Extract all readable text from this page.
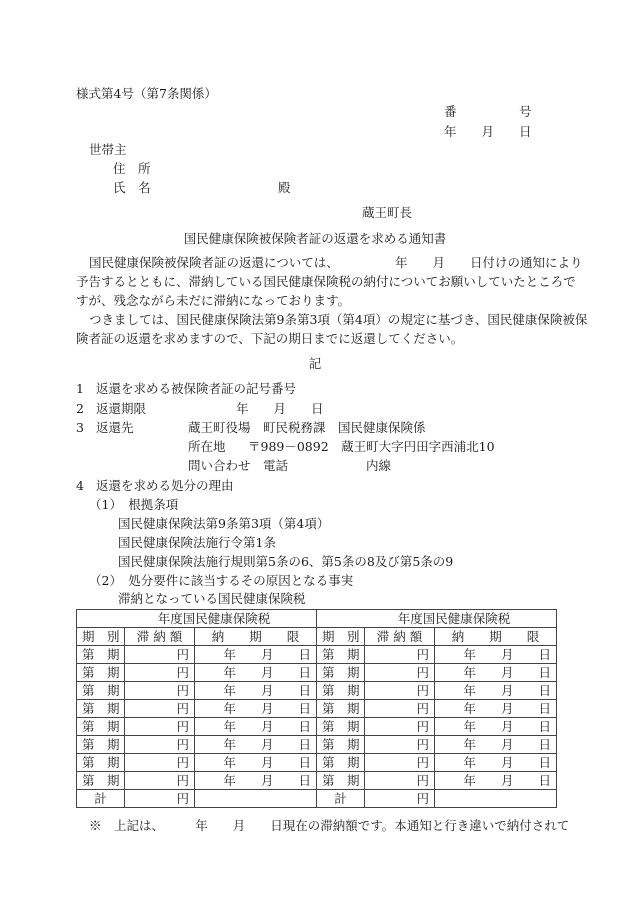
様式第4号（第7条関係）
番　　　　　号
年　　月　　日
世帯主
住　所
氏　名	殿
蔵王町長
国民健康保険被保険者証の返還を求める通知書
国民健康保険被保険者証の返還については、　　　　　年　　月　　日付けの通知により
予告するとともに、滞納している国民健康保険税の納付についてお願いしていたところで
すが、残念ながら未だに滞納になっております。
つきましては、国民健康保険法第9条第3項（第4項）の規定に基づき、国民健康保険被保
険者証の返還を求めますので、下記の期日までに返還してください。
記
1 返還を求める被保険者証の記号番号
2 返還期限	年　　月　　日
3 返還先	蔵王町役場　町民税務課　国民健康保険係
所在地 〒989－0892　蔵王町大字円田字西浦北10
問い合わせ　電話	内線
4 返還を求める処分の理由
（1）　根拠条項
国民健康保険法第9条第3項（第4項）
国民健康保険法施行令第1条
国民健康保険法施行規則第5条の6、第5条の8及び第5条の9
（2）　処分要件に該当するその原因となる事実
滞納となっている国民健康保険税
年度国民健康保険税			年度国民健康保険税		
期　別	滞 納 額	納　　期　　限	期　別	滞 納 額	納　　期　　限
第　期	円	年　　月　　日	第　期	円	年　　月　　日
第　期	円	年　　月　　日	第　期	円	年　　月　　日
第　期	円	年　　月　　日	第　期	円	年　　月　　日
第　期	円	年　　月　　日	第　期	円	年　　月　　日
第　期	円	年　　月　　日	第　期	円	年　　月　　日
第　期	円	年　　月　　日	第　期	円	年　　月　　日
第　期	円	年　　月　　日	第　期	円	年　　月　　日
第　期	円	年　　月　　日	第　期	円	年　　月　　日
計	円		計	円	
※　上記は、　　　年　　月　　日現在の滞納額です。本通知と行き違いで納付されて
